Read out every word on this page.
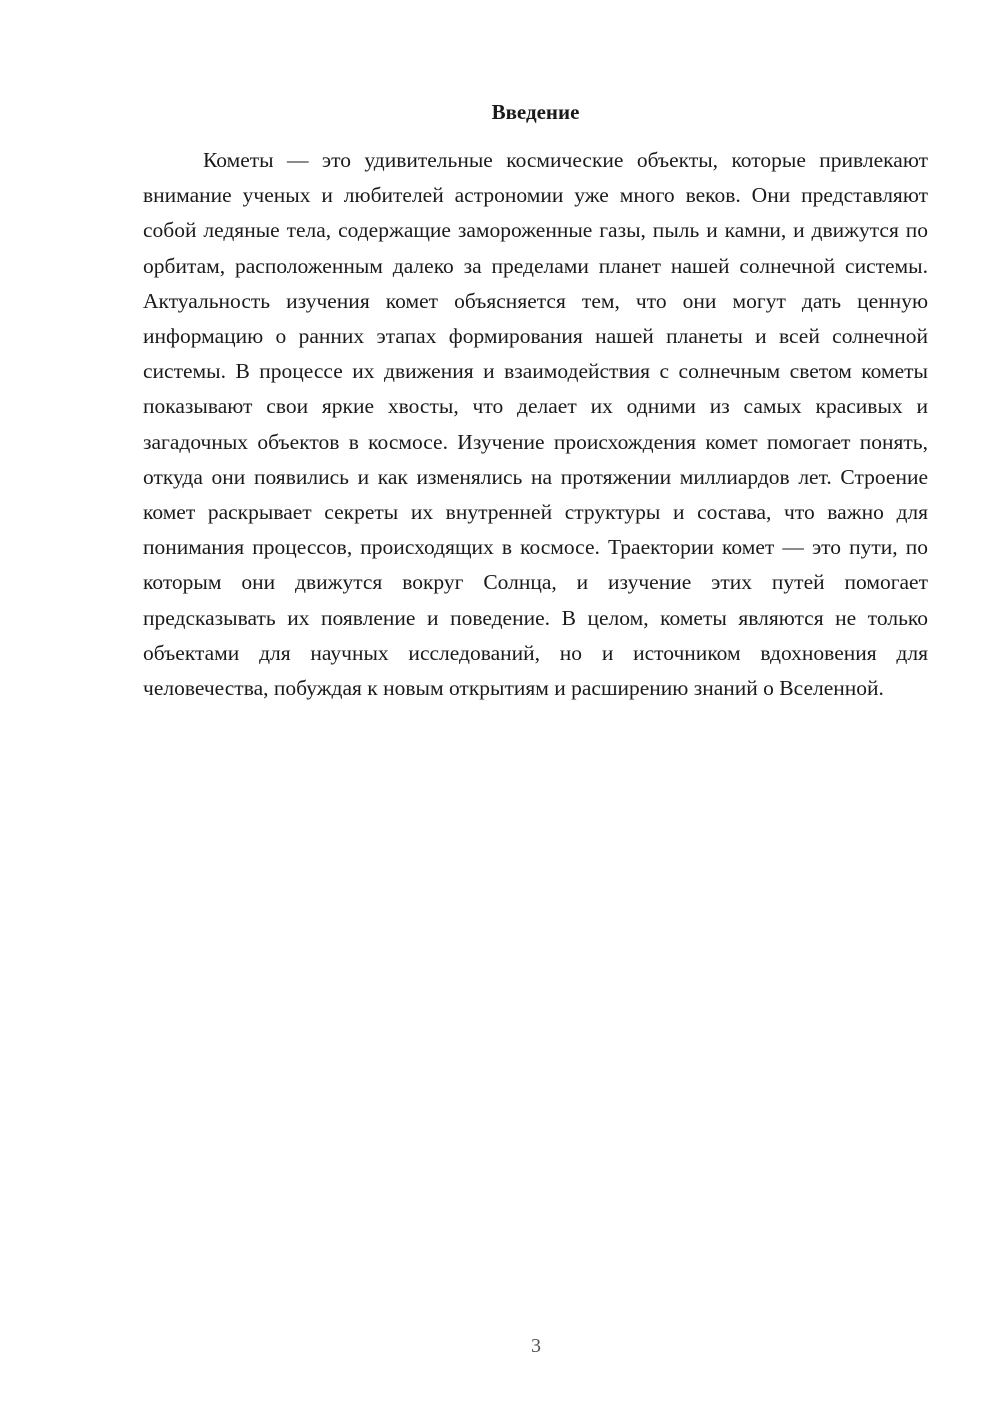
Введение

Кометы — это удивительные космические объекты, которые привлекают внимание ученых и любителей астрономии уже много веков. Они представляют собой ледяные тела, содержащие замороженные газы, пыль и камни, и движутся по орбитам, расположенным далеко за пределами планет нашей солнечной системы. Актуальность изучения комет объясняется тем, что они могут дать ценную информацию о ранних этапах формирования нашей планеты и всей солнечной системы. В процессе их движения и взаимодействия с солнечным светом кометы показывают свои яркие хвосты, что делает их одними из самых красивых и загадочных объектов в космосе. Изучение происхождения комет помогает понять, откуда они появились и как изменялись на протяжении миллиардов лет. Строение комет раскрывает секреты их внутренней структуры и состава, что важно для понимания процессов, происходящих в космосе. Траектории комет — это пути, по которым они движутся вокруг Солнца, и изучение этих путей помогает предсказывать их появление и поведение. В целом, кометы являются не только объектами для научных исследований, но и источником вдохновения для человечества, побуждая к новым открытиям и расширению знаний о Вселенной.

3
